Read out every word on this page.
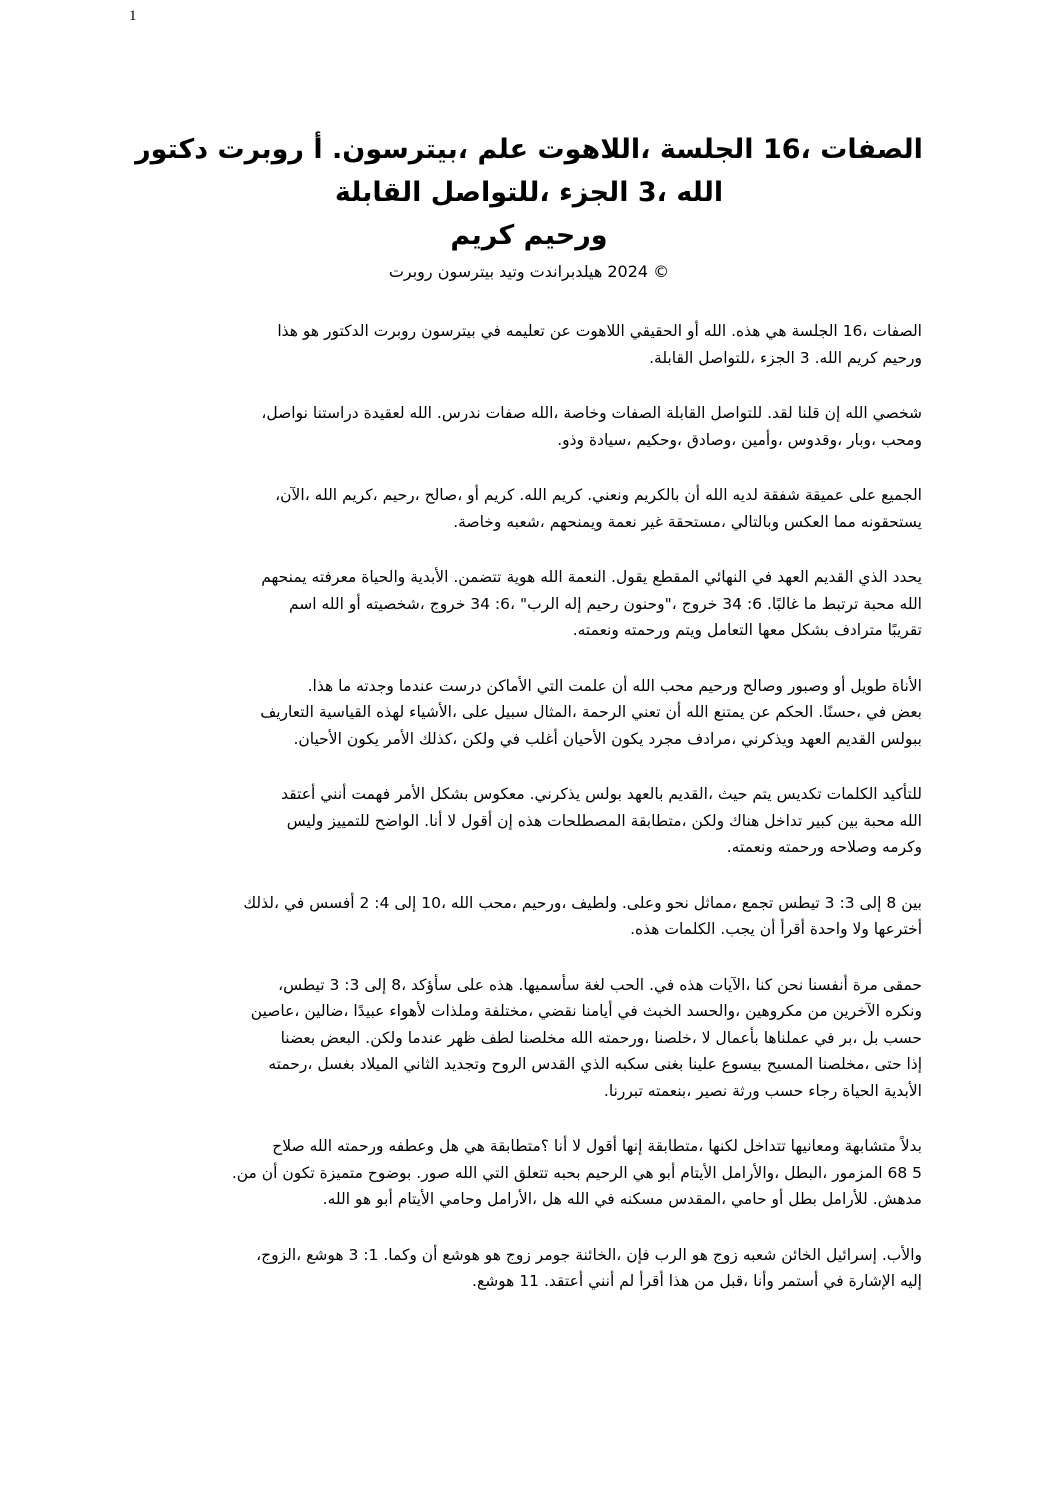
1
دكتور روبرت أ ،بيترسون. علم ،اللاهوت الجلسة 16، الصفات
القابلة ،للتواصل الجزء 3، الله
كريم ورحيم
روبرت بيترسون وتيد هيلدبراندت 2024 ©
هذا هو الدكتور روبرت بيترسون في تعليمه عن اللاهوت الحقيقي أو الله هذه. هي الجلسة 16، الصفات
القابلة. ،للتواصل الجزء 3 الله. كريم ورحيم
نواصل، دراستنا لعقيدة الله ندرس. صفات ،الله وخاصة الصفات القابلة للتواصل لقد. قلنا إن الله شخصي
وذو. ،سيادة ،وحكيم ،وصادق ،وأمين ،وقدوس ،وبار ومحب
،الآن، الله ،كريم ،رحيم ،صالح أو كريم الله. كريم ونعني. بالكريم أن الله لديه شفقة عميقة على الجميع
وخاصة. ،شعبه ويمنحهم نعمة غير ،مستحقة وبالتالي العكس مما يستحقونه
يمنحهم معرفته والحياة الأبدية تتضمن. هوية الله النعمة يقول. المقطع النهائي في العهد القديم الذي يحدد
اسم الله أو ،شخصيته خروج 34 :6، الرب" إله رحيم ،"وحنون خروج 34 :6 غالبًا. ما ترتبط محبة الله
ونعمته. ورحمته ويتم التعامل معها بشكل مترادف تقريبًا
هذا. ما وجدته عندما درست الأماكن التي علمت أن الله محب ورحيم وصالح وصبور أو طويل الأناة
التعاريف القياسية لهذه ،الأشياء على سبيل ،المثال الرحمة تعني أن الله يمتنع عن الحكم ،حسنًا. في بعض
الأحيان. يكون الأمر ،كذلك ولكن في أغلب الأحيان يكون مجرد ،مرادف ويذكرني العهد القديم ببولس
أعتقد أنني فهمت الأمر بشكل معكوس يذكرني. بولس بالعهد ،القديم حيث يتم تكديس الكلمات للتأكيد
وليس للتمييز الواضح أنا. لا أقول إن هذه المصطلحات ،متطابقة ولكن هناك تداخل كبير بين محبة الله
ونعمته. ورحمته وصلاحه وكرمه
،لذلك في أفسس 2 :4 إلى 10، الله ،محب ،ورحيم ولطيف وعلى. نحو ،مماثل تجمع تيطس 3 :3 إلى 8 بين
هذه. الكلمات يجب. أن أقرأ واحدة ولا أخترعها
تيطس، 3 :3 إلى 8، سأؤكد على هذه سأسميها. لغة الحب في. هذه ،الآيات كنا نحن أنفسنا مرة حمقى
،عاصين ،ضالين عبيدًا لأهواء وملذات ،مختلفة نقضي أيامنا في الخبث ،والحسد مكروهين من الآخرين ونكره
بعضنا البعض ولكن. عندما ظهر لطف مخلصنا الله ،ورحمته ،خلصنا لا بأعمال عملناها في ،بر بل حسب
،رحمته بغسل الميلاد الثاني وتجديد الروح القدس الذي سكبه بغنى علينا بيسوع المسيح ،مخلصنا حتى إذا
تبررنا. ،بنعمته نصير ورثة حسب رجاء الحياة الأبدية
صلاح الله ورحمته وعطفه هل هي ؟متطابقة أنا لا أقول إنها ،متطابقة لكنها تتداخل ومعانيها متشابهة بدلاً
من. أن تكون متميزة بوضوح صور. الله التي تتعلق بحبه الرحيم هي أبو الأيتام ،والأرامل ،البطل المزمور 68 5
الله. هو أبو الأيتام وحامي ،الأرامل هل الله في مسكنه ،المقدس حامي أو بطل للأرامل مدهش.
،الزوج، هوشع 3 :1 وكما. أن هوشع هو زوج جومر ،الخائنة فإن الرب هو زوج شعبه الخائن إسرائيل والأب.
هوشع. 11 أعتقد. أنني لم أقرأ هذا من ،قبل وأنا أستمر في الإشارة إليه
